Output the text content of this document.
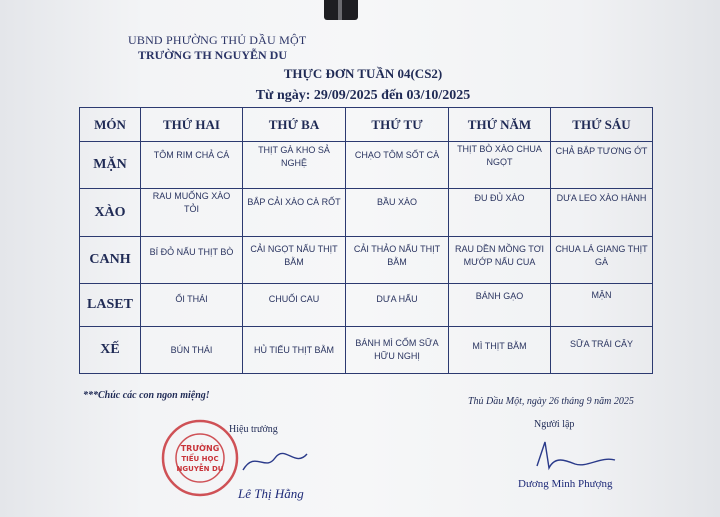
UBND PHƯỜNG THỦ DẦU MỘT
TRƯỜNG TH NGUYỄN DU
THỰC ĐƠN TUẦN 04(CS2)
Từ ngày: 29/09/2025 đến 03/10/2025
MÓN	THỨ HAI	THỨ BA	THỨ TƯ	THỨ NĂM	THỨ SÁU
MẶN	TÔM RIM CHẢ CÁ	THỊT GÀ KHO SẢ NGHỆ	CHẠO TÔM SỐT CÀ	THỊT BÒ XÀO CHUA NGỌT	CHẢ BẮP TƯƠNG ỚT

XÀO	RAU MUỐNG XÀO TỎI	BẮP CẢI XÀO CÀ RỐT	BẦU XÀO	ĐU ĐỦ XÀO	DƯA LEO XÀO HÀNH

CANH	BÍ ĐỎ NẤU THỊT BÒ	CẢI NGỌT NẤU THỊT BẰM	CẢI THẢO NẤU THỊT BẰM	RAU DỀN MỒNG TƠI MƯỚP NẤU CUA	CHUA LÁ GIANG THỊT GÀ

LASET	ỔI THÁI	CHUỐI CAU	DƯA HẤU	BÁNH GẠO	MẬN

XẾ	BÚN THÁI	HỦ TIẾU THỊT BẰM	BÁNH MÌ CỐM SỮA HỮU NGHỊ	MÌ THỊT BẰM	SỮA TRÁI CÂY
***Chúc các con ngon miệng!
TRƯỜNG
TIỂU HỌC
NGUYỄN DU
Hiệu trưởng
Lê Thị Hằng
Thủ Dầu Một, ngày 26 tháng 9 năm 2025
Người lập
Dương Minh Phượng
